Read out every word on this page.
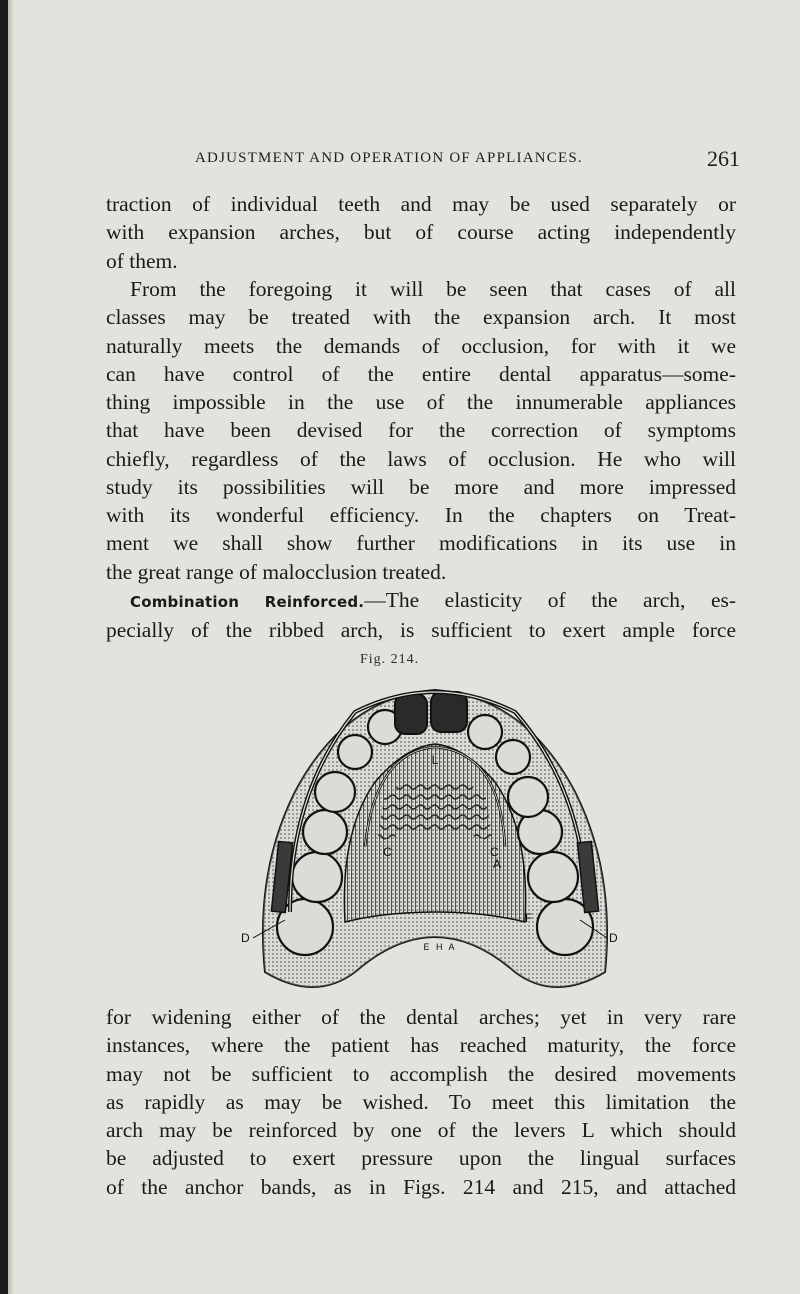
ADJUSTMENT AND OPERATION OF APPLIANCES.	261
traction of individual teeth and may be used separately or
with expansion arches, but of course acting independently
of them.
From the foregoing it will be seen that cases of all
classes may be treated with the expansion arch. It most
naturally meets the demands of occlusion, for with it we
can have control of the entire dental apparatus—some-
thing impossible in the use of the innumerable appliances
that have been devised for the correction of symptoms
chiefly, regardless of the laws of occlusion. He who will
study its possibilities will be more and more impressed
with its wonderful efficiency. In the chapters on Treat-
ment we shall show further modifications in its use in
the great range of malocclusion treated.
Combination Reinforced.—The elasticity of the arch, es-
pecially of the ribbed arch, is sufficient to exert ample force
Fig. 214.
L
C	C
A
F
D	D
E H A
for widening either of the dental arches; yet in very rare
instances, where the patient has reached maturity, the force
may not be sufficient to accomplish the desired movements
as rapidly as may be wished. To meet this limitation the
arch may be reinforced by one of the levers L which should
be adjusted to exert pressure upon the lingual surfaces
of the anchor bands, as in Figs. 214 and 215, and attached
